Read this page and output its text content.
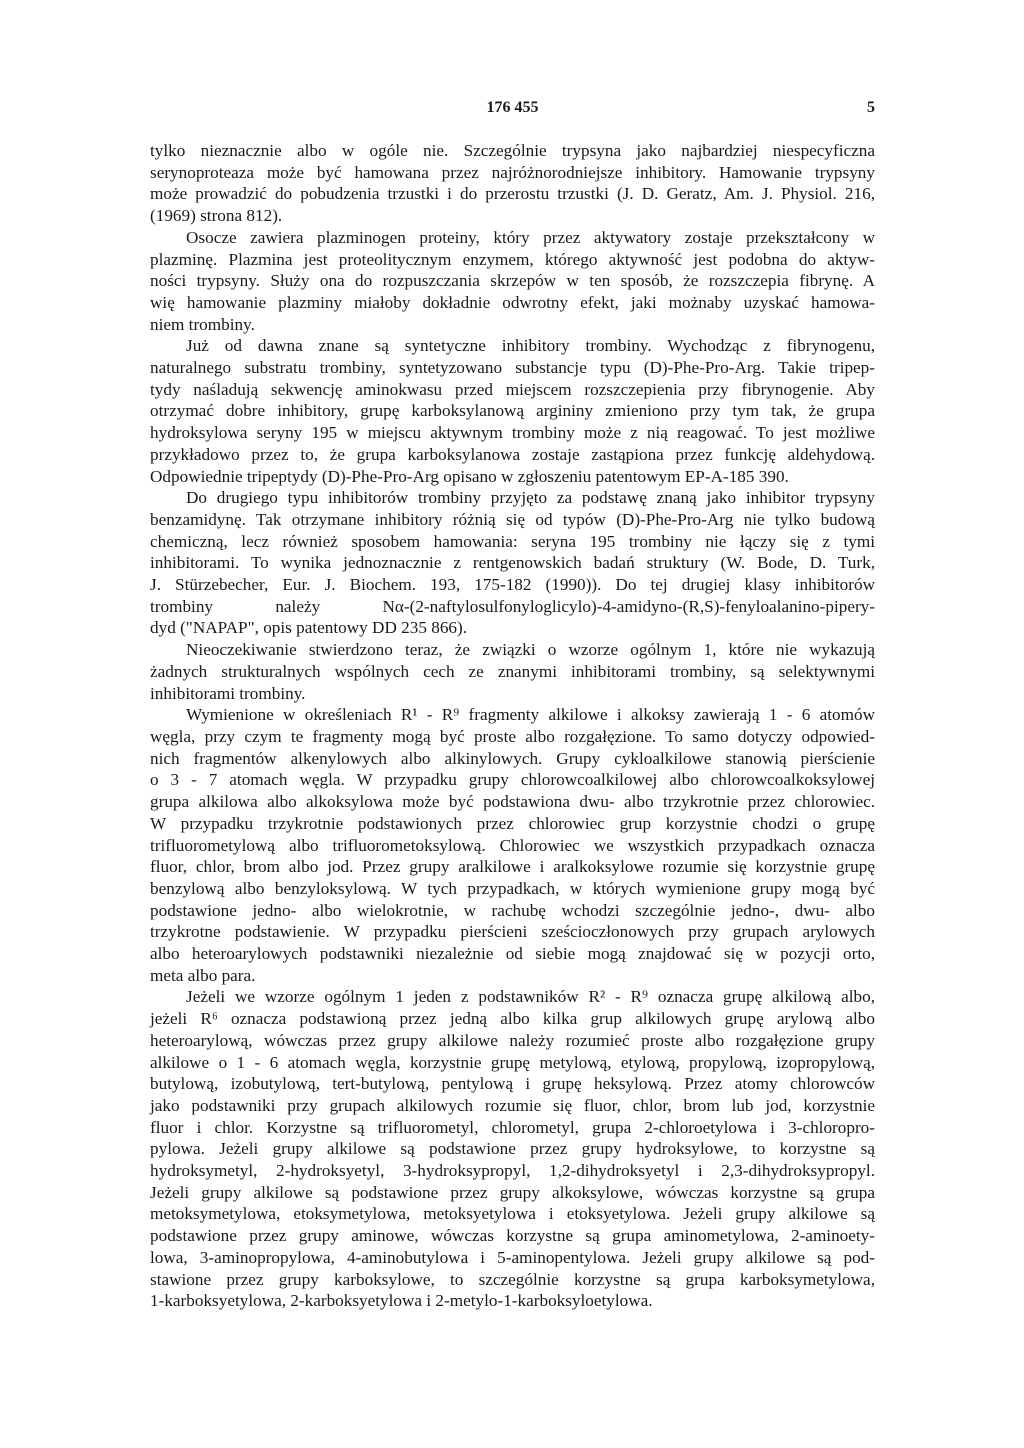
176 455	5
tylko nieznacznie albo w ogóle nie. Szczególnie trypsyna jako najbardziej niespecyficzna
serynoproteaza może być hamowana przez najróżnorodniejsze inhibitory. Hamowanie trypsyny
może prowadzić do pobudzenia trzustki i do przerostu trzustki (J. D. Geratz, Am. J. Physiol. 216,
(1969) strona 812).
Osocze zawiera plazminogen proteiny, który przez aktywatory zostaje przekształcony w
plazminę. Plazmina jest proteolitycznym enzymem, którego aktywność jest podobna do aktyw-
ności trypsyny. Służy ona do rozpuszczania skrzepów w ten sposób, że rozszczepia fibrynę. A
wię hamowanie plazminy miałoby dokładnie odwrotny efekt, jaki możnaby uzyskać hamowa-
niem trombiny.
Już od dawna znane są syntetyczne inhibitory trombiny. Wychodząc z fibrynogenu,
naturalnego substratu trombiny, syntetyzowano substancje typu (D)-Phe-Pro-Arg. Takie tripep-
tydy naśladują sekwencję aminokwasu przed miejscem rozszczepienia przy fibrynogenie. Aby
otrzymać dobre inhibitory, grupę karboksylanową argininy zmieniono przy tym tak, że grupa
hydroksylowa seryny 195 w miejscu aktywnym trombiny może z nią reagować. To jest możliwe
przykładowo przez to, że grupa karboksylanowa zostaje zastąpiona przez funkcję aldehydową.
Odpowiednie tripeptydy (D)-Phe-Pro-Arg opisano w zgłoszeniu patentowym EP-A-185 390.
Do drugiego typu inhibitorów trombiny przyjęto za podstawę znaną jako inhibitor trypsyny
benzamidynę. Tak otrzymane inhibitory różnią się od typów (D)-Phe-Pro-Arg nie tylko budową
chemiczną, lecz również sposobem hamowania: seryna 195 trombiny nie łączy się z tymi
inhibitorami. To wynika jednoznacznie z rentgenowskich badań struktury (W. Bode, D. Turk,
J. Stürzebecher, Eur. J. Biochem. 193, 175-182 (1990)). Do tej drugiej klasy inhibitorów
trombiny należy Nα-(2-naftylosulfonyloglicylo)-4-amidyno-(R,S)-fenyloalanino-pipery-
dyd ("NAPAP", opis patentowy DD 235 866).
Nieoczekiwanie stwierdzono teraz, że związki o wzorze ogólnym 1, które nie wykazują
żadnych strukturalnych wspólnych cech ze znanymi inhibitorami trombiny, są selektywnymi
inhibitorami trombiny.
Wymienione w określeniach R¹ - R⁹ fragmenty alkilowe i alkoksy zawierają 1 - 6 atomów
węgla, przy czym te fragmenty mogą być proste albo rozgałęzione. To samo dotyczy odpowied-
nich fragmentów alkenylowych albo alkinylowych. Grupy cykloalkilowe stanowią pierścienie
o 3 - 7 atomach węgla. W przypadku grupy chlorowcoalkilowej albo chlorowcoalkoksylowej
grupa alkilowa albo alkoksylowa może być podstawiona dwu- albo trzykrotnie przez chlorowiec.
W przypadku trzykrotnie podstawionych przez chlorowiec grup korzystnie chodzi o grupę
trifluorometylową albo trifluorometoksylową. Chlorowiec we wszystkich przypadkach oznacza
fluor, chlor, brom albo jod. Przez grupy aralkilowe i aralkoksylowe rozumie się korzystnie grupę
benzylową albo benzyloksylową. W tych przypadkach, w których wymienione grupy mogą być
podstawione jedno- albo wielokrotnie, w rachubę wchodzi szczególnie jedno-, dwu- albo
trzykrotne podstawienie. W przypadku pierścieni sześcioczłonowych przy grupach arylowych
albo heteroarylowych podstawniki niezależnie od siebie mogą znajdować się w pozycji orto,
meta albo para.
Jeżeli we wzorze ogólnym 1 jeden z podstawników R² - R⁹ oznacza grupę alkilową albo,
jeżeli R⁶ oznacza podstawioną przez jedną albo kilka grup alkilowych grupę arylową albo
heteroarylową, wówczas przez grupy alkilowe należy rozumieć proste albo rozgałęzione grupy
alkilowe o 1 - 6 atomach węgla, korzystnie grupę metylową, etylową, propylową, izopropylową,
butylową, izobutylową, tert-butylową, pentylową i grupę heksylową. Przez atomy chlorowców
jako podstawniki przy grupach alkilowych rozumie się fluor, chlor, brom lub jod, korzystnie
fluor i chlor. Korzystne są trifluorometyl, chlorometyl, grupa 2-chloroetylowa i 3-chloropro-
pylowa. Jeżeli grupy alkilowe są podstawione przez grupy hydroksylowe, to korzystne są
hydroksymetyl, 2-hydroksyetyl, 3-hydroksypropyl, 1,2-dihydroksyetyl i 2,3-dihydroksypropyl.
Jeżeli grupy alkilowe są podstawione przez grupy alkoksylowe, wówczas korzystne są grupa
metoksymetylowa, etoksymetylowa, metoksyetylowa i etoksyetylowa. Jeżeli grupy alkilowe są
podstawione przez grupy aminowe, wówczas korzystne są grupa aminometylowa, 2-aminoety-
lowa, 3-aminopropylowa, 4-aminobutylowa i 5-aminopentylowa. Jeżeli grupy alkilowe są pod-
stawione przez grupy karboksylowe, to szczególnie korzystne są grupa karboksymetylowa,
1-karboksyetylowa, 2-karboksyetylowa i 2-metylo-1-karboksyloetylowa.
